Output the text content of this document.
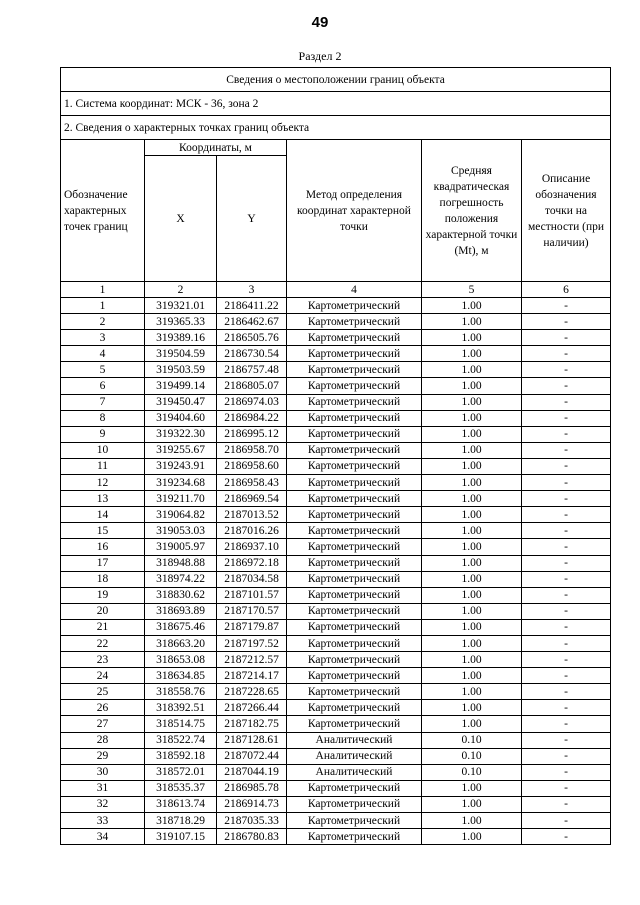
49
Раздел 2
Сведения о местоположении границ объекта					
1. Система координат: МСК - 36, зона 2					
2. Сведения о характерных точках границ объекта					
Обозначение характерных точек границ	Координаты, м		Метод определения координат характерной точки	Средняя квадратическая погрешность положения характерной точки (Mt), м	Описание обозначения точки на местности (при наличии)
	X	Y			
1	2	3	4	5	6
1	319321.01	2186411.22	Картометрический	1.00	-
2	319365.33	2186462.67	Картометрический	1.00	-
3	319389.16	2186505.76	Картометрический	1.00	-
4	319504.59	2186730.54	Картометрический	1.00	-
5	319503.59	2186757.48	Картометрический	1.00	-
6	319499.14	2186805.07	Картометрический	1.00	-
7	319450.47	2186974.03	Картометрический	1.00	-
8	319404.60	2186984.22	Картометрический	1.00	-
9	319322.30	2186995.12	Картометрический	1.00	-
10	319255.67	2186958.70	Картометрический	1.00	-
11	319243.91	2186958.60	Картометрический	1.00	-
12	319234.68	2186958.43	Картометрический	1.00	-
13	319211.70	2186969.54	Картометрический	1.00	-
14	319064.82	2187013.52	Картометрический	1.00	-
15	319053.03	2187016.26	Картометрический	1.00	-
16	319005.97	2186937.10	Картометрический	1.00	-
17	318948.88	2186972.18	Картометрический	1.00	-
18	318974.22	2187034.58	Картометрический	1.00	-
19	318830.62	2187101.57	Картометрический	1.00	-
20	318693.89	2187170.57	Картометрический	1.00	-
21	318675.46	2187179.87	Картометрический	1.00	-
22	318663.20	2187197.52	Картометрический	1.00	-
23	318653.08	2187212.57	Картометрический	1.00	-
24	318634.85	2187214.17	Картометрический	1.00	-
25	318558.76	2187228.65	Картометрический	1.00	-
26	318392.51	2187266.44	Картометрический	1.00	-
27	318514.75	2187182.75	Картометрический	1.00	-
28	318522.74	2187128.61	Аналитический	0.10	-
29	318592.18	2187072.44	Аналитический	0.10	-
30	318572.01	2187044.19	Аналитический	0.10	-
31	318535.37	2186985.78	Картометрический	1.00	-
32	318613.74	2186914.73	Картометрический	1.00	-
33	318718.29	2187035.33	Картометрический	1.00	-
34	319107.15	2186780.83	Картометрический	1.00	-
